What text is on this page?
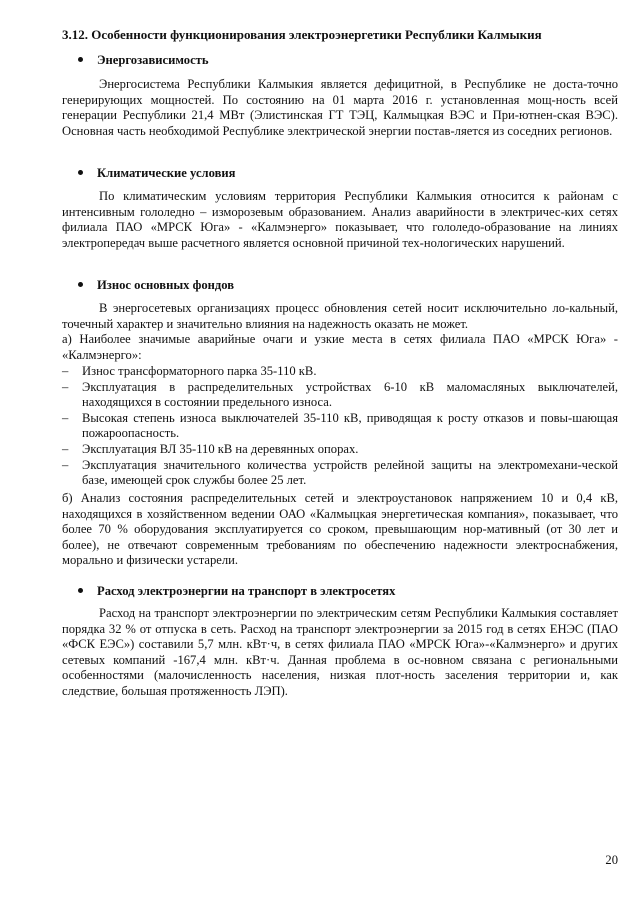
3.12. Особенности функционирования электроэнергетики Республики Калмыкия
Энергозависимость
Энергосистема Республики Калмыкия является дефицитной, в Республике не доста-точно генерирующих мощностей. По состоянию на 01 марта 2016 г. установленная мощ-ность всей генерации Республики 21,4 МВт (Элистинская ГТ ТЭЦ, Калмыцкая ВЭС и При-ютнен-ская ВЭС). Основная часть необходимой Республике электрической энергии постав-ляется из соседних регионов.
Климатические условия
По климатическим условиям территория Республики Калмыкия относится к районам с интенсивным гололедно – изморозевым образованием. Анализ аварийности в электричес-ких сетях филиала ПАО «МРСК Юга» - «Калмэнерго» показывает, что гололедо-образование на линиях электропередач выше расчетного является основной причиной тех-нологических нарушений.
Износ основных фондов
В энергосетевых организациях процесс обновления сетей носит исключительно ло-кальный, точечный характер и значительно влияния на надежность оказать не может.
а) Наиболее значимые аварийные очаги и узкие места в сетях филиала ПАО «МРСК Юга» - «Калмэнерго»:
– Износ трансформаторного парка 35-110 кВ.
– Эксплуатация в распределительных устройствах 6-10 кВ маломасляных выключателей, находящихся в состоянии предельного износа.
– Высокая степень износа выключателей 35-110 кВ, приводящая к росту отказов и повы-шающая пожароопасность.
– Эксплуатация ВЛ 35-110 кВ на деревянных опорах.
– Эксплуатация значительного количества устройств релейной защиты на электромехани-ческой базе, имеющей срок службы более 25 лет.
б) Анализ состояния распределительных сетей и электроустановок напряжением 10 и 0,4 кВ, находящихся в хозяйственном ведении ОАО «Калмыцкая энергетическая компания», показывает, что более 70 % оборудования эксплуатируется со сроком, превышающим нор-мативный (от 30 лет и более), не отвечают современным требованиям по обеспечению надежности электроснабжения, морально и физически устарели.
Расход электроэнергии на транспорт в электросетях
Расход на транспорт электроэнергии по электрическим сетям Республики Калмыкия составляет порядка 32 % от отпуска в сеть. Расход на транспорт электроэнергии за 2015 год в сетях ЕНЭС (ПАО «ФСК ЕЭС») составили 5,7 млн. кВт·ч, в сетях филиала ПАО «МРСК Юга»-«Калмэнерго» и других сетевых компаний -167,4 млн. кВт·ч. Данная проблема в ос-новном связана с региональными особенностями (малочисленность населения, низкая плот-ность заселения территории и, как следствие, большая протяженность ЛЭП).
20
